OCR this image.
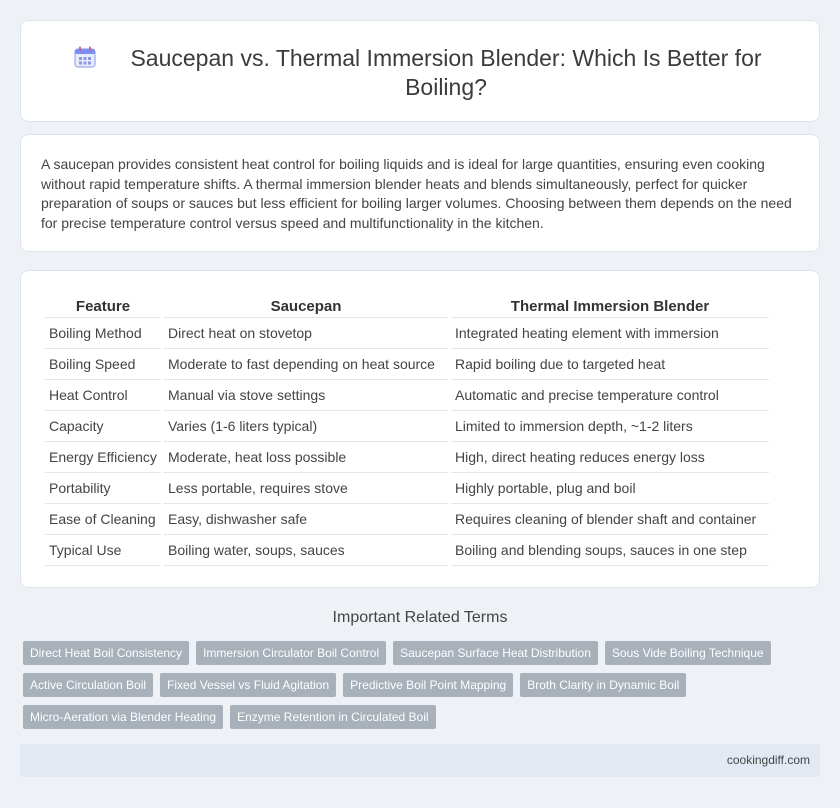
Saucepan vs. Thermal Immersion Blender: Which Is Better for Boiling?

A saucepan provides consistent heat control for boiling liquids and is ideal for large quantities, ensuring even cooking without rapid temperature shifts. A thermal immersion blender heats and blends simultaneously, perfect for quicker preparation of soups or sauces but less efficient for boiling larger volumes. Choosing between them depends on the need for precise temperature control versus speed and multifunctionality in the kitchen.

Feature	Saucepan	Thermal Immersion Blender
Boiling Method	Direct heat on stovetop	Integrated heating element with immersion
Boiling Speed	Moderate to fast depending on heat source	Rapid boiling due to targeted heat
Heat Control	Manual via stove settings	Automatic and precise temperature control
Capacity	Varies (1-6 liters typical)	Limited to immersion depth, ~1-2 liters
Energy Efficiency	Moderate, heat loss possible	High, direct heating reduces energy loss
Portability	Less portable, requires stove	Highly portable, plug and boil
Ease of Cleaning	Easy, dishwasher safe	Requires cleaning of blender shaft and container
Typical Use	Boiling water, soups, sauces	Boiling and blending soups, sauces in one step
Important Related Terms
Direct Heat Boil Consistency	Immersion Circulator Boil Control	Saucepan Surface Heat Distribution	Sous Vide Boiling Technique
Active Circulation Boil	Fixed Vessel vs Fluid Agitation	Predictive Boil Point Mapping	Broth Clarity in Dynamic Boil
Micro-Aeration via Blender Heating	Enzyme Retention in Circulated Boil
cookingdiff.com
